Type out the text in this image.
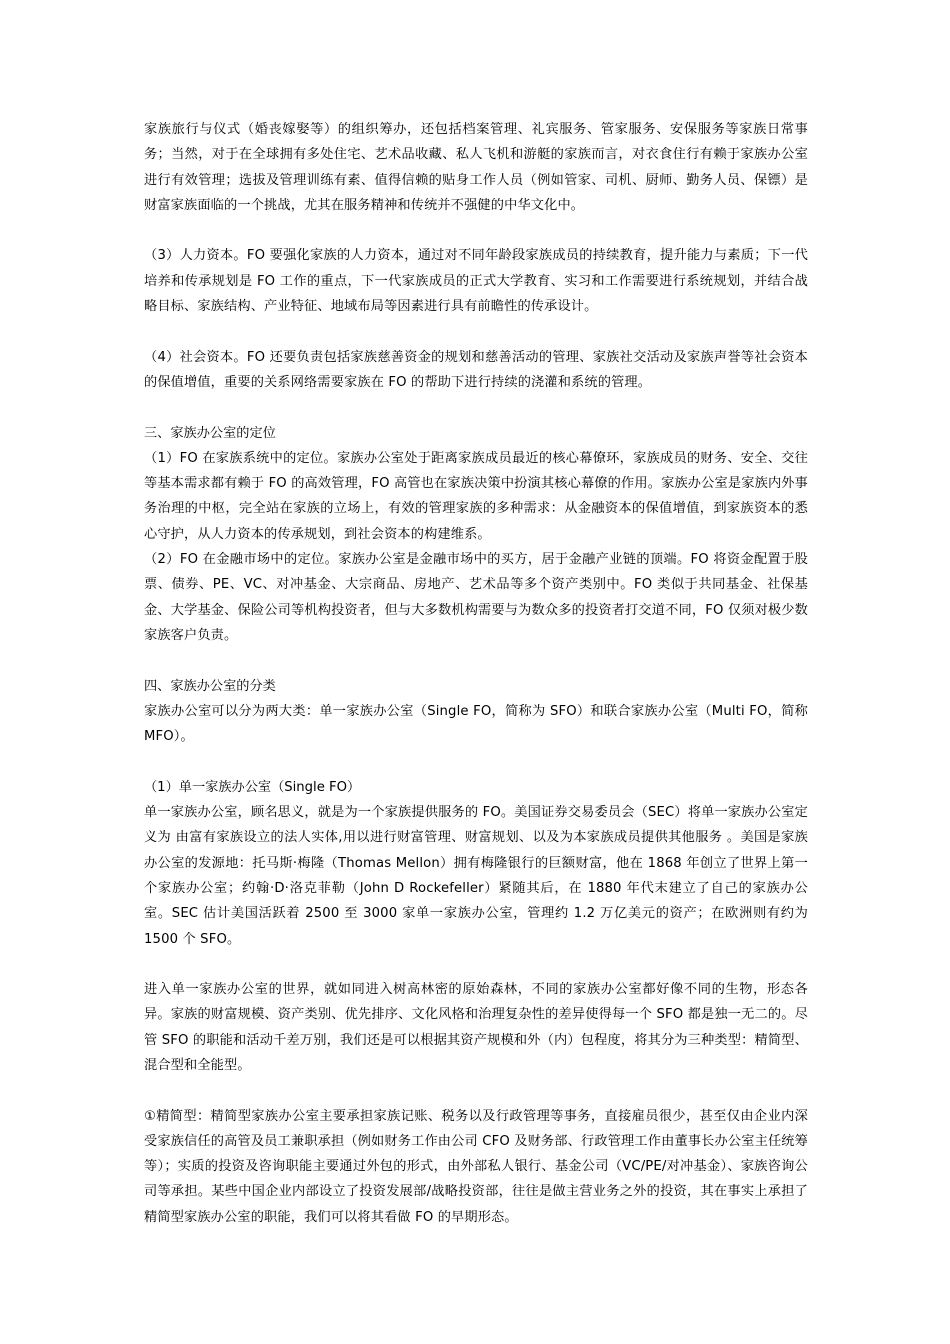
家族旅行与仪式（婚丧嫁娶等）的组织筹办，还包括档案管理、礼宾服务、管家服务、安保服务等家族日常事务；当然，对于在全球拥有多处住宅、艺术品收藏、私人飞机和游艇的家族而言，对衣食住行有赖于家族办公室进行有效管理；选拔及管理训练有素、值得信赖的贴身工作人员（例如管家、司机、厨师、勤务人员、保镖）是财富家族面临的一个挑战，尤其在服务精神和传统并不强健的中华文化中。

（3）人力资本。FO 要强化家族的人力资本，通过对不同年龄段家族成员的持续教育，提升能力与素质；下一代培养和传承规划是 FO 工作的重点，下一代家族成员的正式大学教育、实习和工作需要进行系统规划，并结合战略目标、家族结构、产业特征、地域布局等因素进行具有前瞻性的传承设计。

（4）社会资本。FO 还要负责包括家族慈善资金的规划和慈善活动的管理、家族社交活动及家族声誉等社会资本的保值增值，重要的关系网络需要家族在 FO 的帮助下进行持续的浇灌和系统的管理。

三、家族办公室的定位

（1）FO 在家族系统中的定位。家族办公室处于距离家族成员最近的核心幕僚环，家族成员的财务、安全、交往等基本需求都有赖于 FO 的高效管理，FO 高管也在家族决策中扮演其核心幕僚的作用。家族办公室是家族内外事务治理的中枢，完全站在家族的立场上，有效的管理家族的多种需求：从金融资本的保值增值，到家族资本的悉心守护，从人力资本的传承规划，到社会资本的构建维系。

（2）FO 在金融市场中的定位。家族办公室是金融市场中的买方，居于金融产业链的顶端。FO 将资金配置于股票、债券、PE、VC、对冲基金、大宗商品、房地产、艺术品等多个资产类别中。FO 类似于共同基金、社保基金、大学基金、保险公司等机构投资者，但与大多数机构需要与为数众多的投资者打交道不同，FO 仅须对极少数家族客户负责。

四、家族办公室的分类

家族办公室可以分为两大类：单一家族办公室（Single FO，简称为 SFO）和联合家族办公室（Multi FO，简称 MFO）。

（1）单一家族办公室（Single FO）

单一家族办公室，顾名思义，就是为一个家族提供服务的 FO。美国证券交易委员会（SEC）将单一家族办公室定义为 由富有家族设立的法人实体,用以进行财富管理、财富规划、以及为本家族成员提供其他服务 。美国是家族办公室的发源地：托马斯·梅隆（Thomas Mellon）拥有梅隆银行的巨额财富，他在 1868 年创立了世界上第一个家族办公室；约翰·D·洛克菲勒（John D Rockefeller）紧随其后，在 1880 年代末建立了自己的家族办公室。SEC 估计美国活跃着 2500 至 3000 家单一家族办公室，管理约 1.2 万亿美元的资产；在欧洲则有约为 1500 个 SFO。

进入单一家族办公室的世界，就如同进入树高林密的原始森林，不同的家族办公室都好像不同的生物，形态各异。家族的财富规模、资产类别、优先排序、文化风格和治理复杂性的差异使得每一个 SFO 都是独一无二的。尽管 SFO 的职能和活动千差万别，我们还是可以根据其资产规模和外（内）包程度，将其分为三种类型：精简型、混合型和全能型。

①精简型：精简型家族办公室主要承担家族记账、税务以及行政管理等事务，直接雇员很少，甚至仅由企业内深受家族信任的高管及员工兼职承担（例如财务工作由公司 CFO 及财务部、行政管理工作由董事长办公室主任统筹等）；实质的投资及咨询职能主要通过外包的形式，由外部私人银行、基金公司（VC/PE/对冲基金）、家族咨询公司等承担。某些中国企业内部设立了投资发展部/战略投资部，往往是做主营业务之外的投资，其在事实上承担了精简型家族办公室的职能，我们可以将其看做 FO 的早期形态。
